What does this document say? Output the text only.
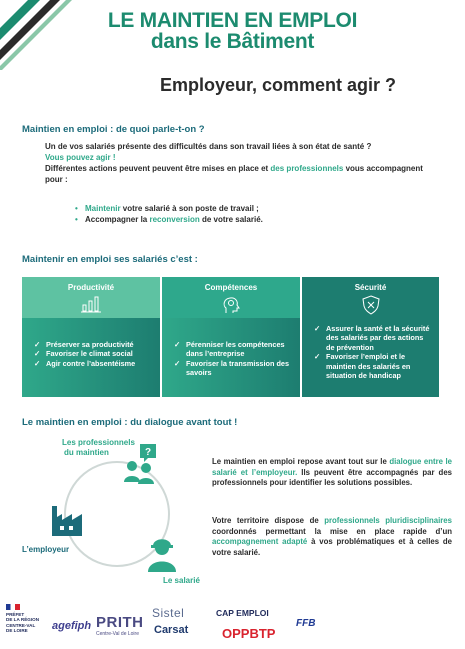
LE MAINTIEN EN EMPLOI
dans le Bâtiment
Employeur, comment agir ?
Maintien en emploi : de quoi parle-t-on ?
Un de vos salariés présente des difficultés dans son travail liées à son état de santé ?
Vous pouvez agir !
Différentes actions peuvent peuvent être mises en place et des professionnels vous accompagnent pour :
• Maintenir votre salarié à son poste de travail ;
• Accompagner la reconversion de votre salarié.
Maintenir en emploi ses salariés c’est :
Productivité
✓ Préserver sa productivité
✓ Favoriser le climat social
✓ Agir contre l’absentéisme
Compétences
✓ Pérenniser les compétences dans l’entreprise
✓ Favoriser la transmission des savoirs
Sécurité
✓ Assurer la santé et la sécurité des salariés par des actions de prévention
✓ Favoriser l’emploi et le maintien des salariés en situation de handicap
Le maintien en emploi : du dialogue avant tout !
?
Les professionnels
du maintien
L’employeur
Le salarié
Le maintien en emploi repose avant tout sur le dialogue entre le salarié et l’employeur. Ils peuvent être accompagnés par des professionnels pour identifier les solutions possibles.
Votre territoire dispose de professionnels pluridisciplinaires coordonnés permettant la mise en place rapide d’un accompagnement adapté à vos problématiques et à celles de votre salarié.
PRÉFET
DE LA RÉGION
CENTRE-VAL
DE LOIRE	agefiph PRITH
Centre-Val de Loire
Sistel
Carsat
CAP EMPLOI
OPPBTP
FFB
